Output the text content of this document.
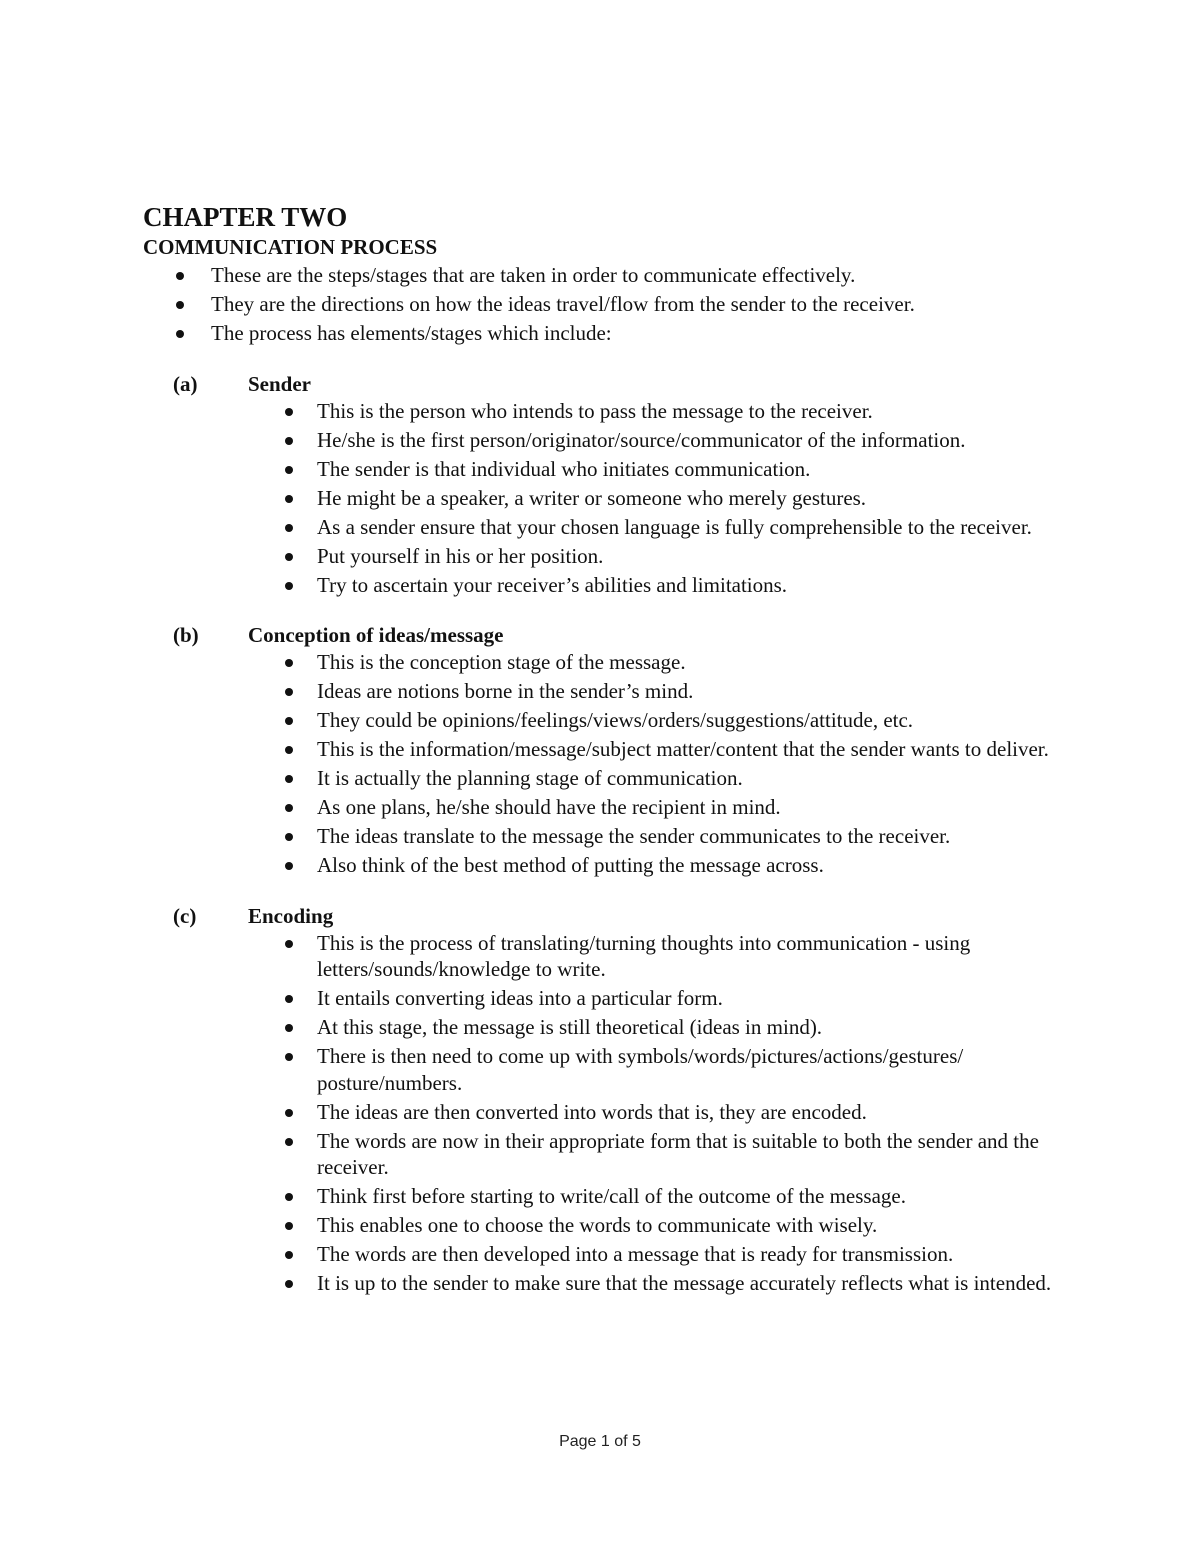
CHAPTER TWO
COMMUNICATION PROCESS
These are the steps/stages that are taken in order to communicate effectively.
They are the directions on how the ideas travel/flow from the sender to the receiver.
The process has elements/stages which include:
(a) Sender
This is the person who intends to pass the message to the receiver.
He/she is the first person/originator/source/communicator of the information.
The sender is that individual who initiates communication.
He might be a speaker, a writer or someone who merely gestures.
As a sender ensure that your chosen language is fully comprehensible to the receiver.
Put yourself in his or her position.
Try to ascertain your receiver’s abilities and limitations.
(b) Conception of ideas/message
This is the conception stage of the message.
Ideas are notions borne in the sender’s mind.
They could be opinions/feelings/views/orders/suggestions/attitude, etc.
This is the information/message/subject matter/content that the sender wants to deliver.
It is actually the planning stage of communication.
As one plans, he/she should have the recipient in mind.
The ideas translate to the message the sender communicates to the receiver.
Also think of the best method of putting the message across.
(c) Encoding
This is the process of translating/turning thoughts into communication - using letters/sounds/knowledge to write.
It entails converting ideas into a particular form.
At this stage, the message is still theoretical (ideas in mind).
There is then need to come up with symbols/words/pictures/actions/gestures/ posture/numbers.
The ideas are then converted into words that is, they are encoded.
The words are now in their appropriate form that is suitable to both the sender and the receiver.
Think first before starting to write/call of the outcome of the message.
This enables one to choose the words to communicate with wisely.
The words are then developed into a message that is ready for transmission.
It is up to the sender to make sure that the message accurately reflects what is intended.
Page 1 of 5
